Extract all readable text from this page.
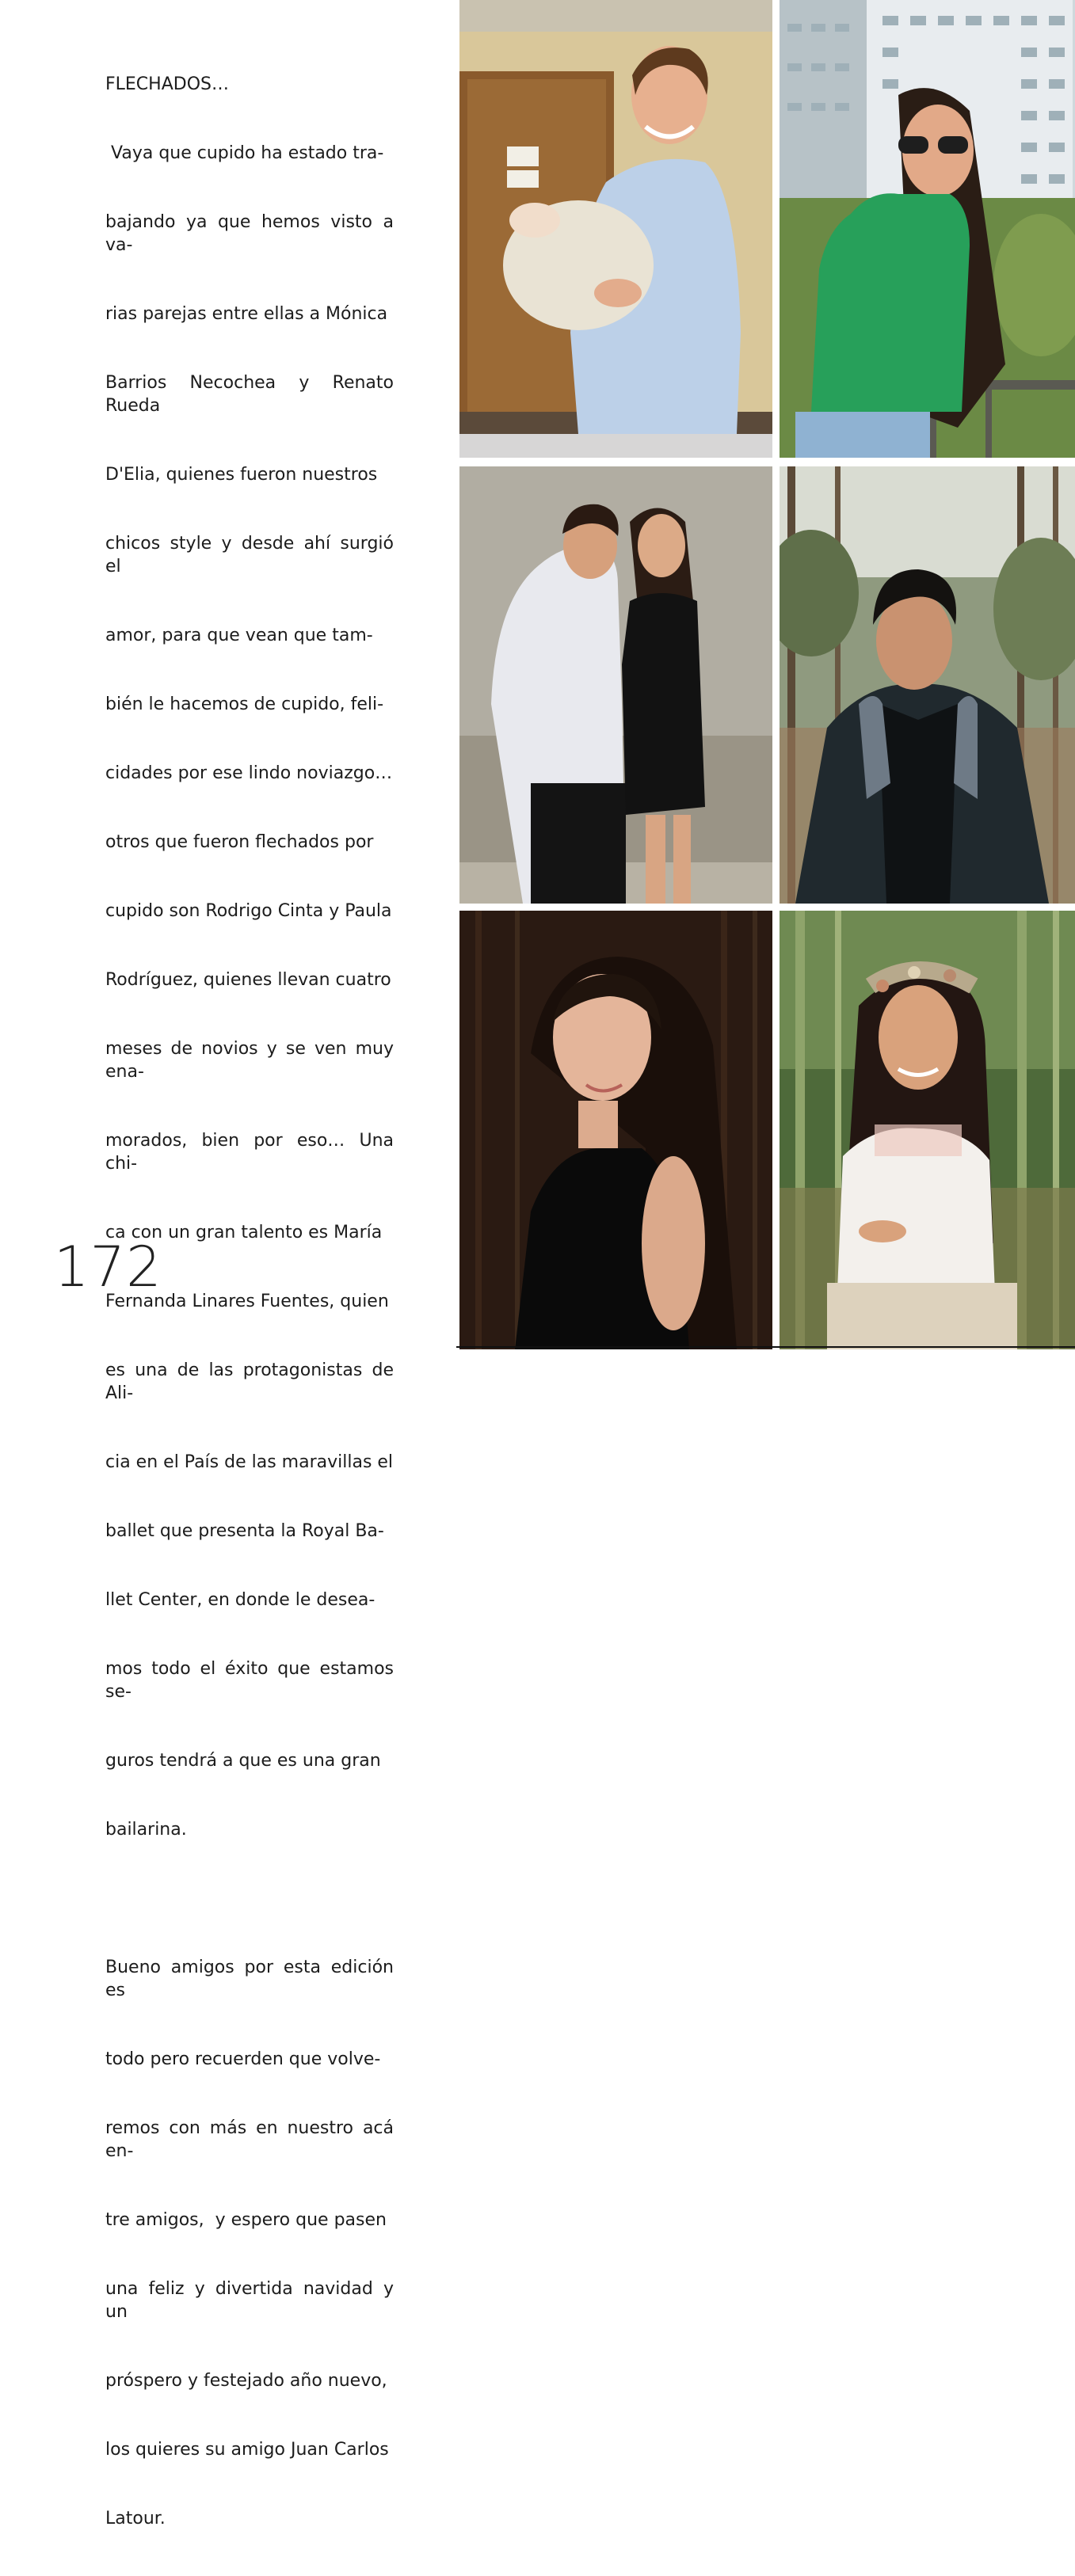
FLECHADOS…

Vaya que cupido ha estado tra-

bajando ya que hemos visto a va-

rias parejas entre ellas a Mónica

Barrios Necochea y Renato Rueda

D'Elia, quienes fueron nuestros

chicos style y desde ahí surgió  el

amor, para que vean que tam-

bién le hacemos de cupido, feli-

cidades por ese lindo noviazgo…

otros que fueron flechados por

cupido son Rodrigo Cinta y Paula

Rodríguez, quienes llevan cuatro

meses de novios y se ven muy ena-

morados, bien por eso… Una chi-

ca con un gran talento es María

Fernanda Linares Fuentes, quien

es una de las protagonistas de Ali-

cia en el País de las maravillas el

ballet que presenta la Royal Ba-

llet Center, en donde le desea-

mos todo el éxito que estamos se-

guros tendrá a que es una gran

bailarina.

Bueno amigos por esta edición es

todo pero recuerden que volve-

remos con más en nuestro acá en-

tre amigos,  y espero que pasen

una feliz y divertida navidad y un

próspero y festejado año nuevo,

los quieres su amigo Juan Carlos

Latour.

172
